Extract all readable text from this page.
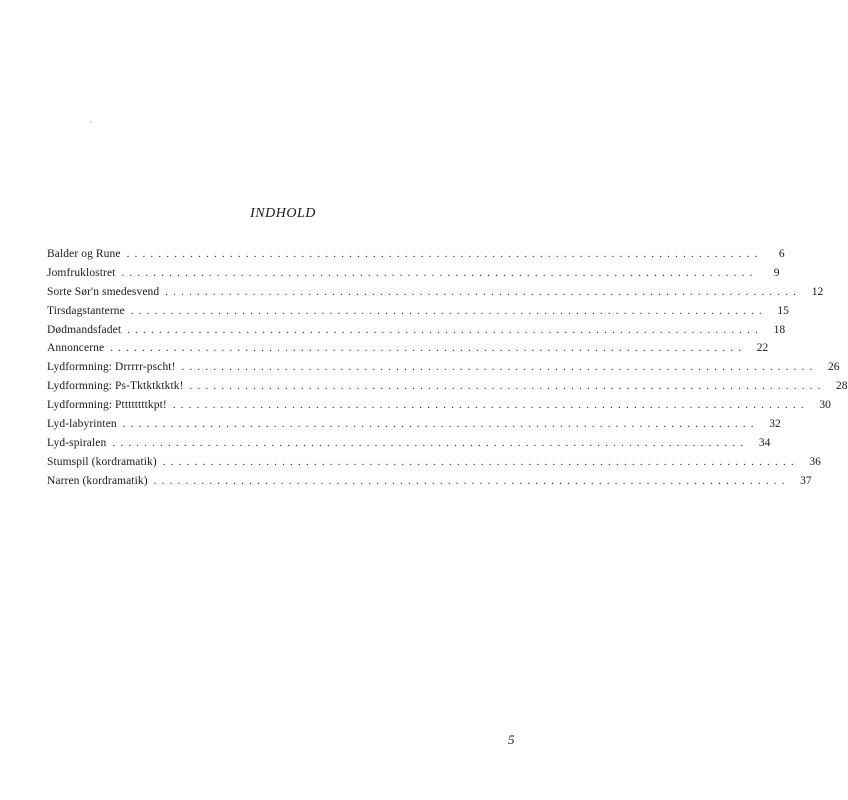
INDHOLD
Balder og Rune ................................................................................	6
Jomfruklostret ................................................................................	9
Sorte Sør'n smedesvend ................................................................................ 12
Tirsdagstanterne ................................................................................ 15
Dødmandsfadet ................................................................................ 18
Annoncerne ................................................................................ 22
Lydformning: Drrrrr-pscht! ................................................................................ 26
Lydformning: Ps-Tktktktktk! ................................................................................ 28
Lydformning: Pttttttttkpt! ................................................................................ 30
Lyd-labyrinten ................................................................................ 32
Lyd-spiralen ................................................................................ 34
Stumspil (kordramatik) ................................................................................ 36
Narren (kordramatik) ................................................................................ 37
5
